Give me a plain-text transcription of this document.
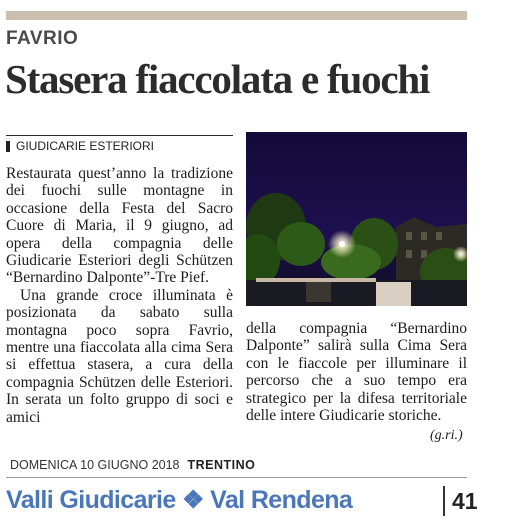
FAVRIO
Stasera fiaccolata e fuochi
GIUDICARIE ESTERIORI

Restaurata quest’anno la tradizione dei fuochi sulle montagne in occasione della Festa del Sacro Cuore di Maria, il 9 giugno, ad opera della compagnia delle Giudicarie Esteriori degli Schützen “Bernardino Dalponte”-Tre Pief.

Una grande croce illuminata è posizionata da sabato sulla montagna poco sopra Favrio, mentre una fiaccolata alla cima Sera si effettua stasera, a cura della compagnia Schützen delle Esteriori. In serata un folto gruppo di soci e amici

della compagnia “Bernardino Dalponte” salirà sulla Cima Sera con le fiaccole per illuminare il percorso che a suo tempo era strategico per la difesa territoriale delle intere Giudicarie storiche.
(g.ri.)
DOMENICA 10 GIUGNO 2018 TRENTINO
Valli Giudicarie ❖ Val Rendena	41
